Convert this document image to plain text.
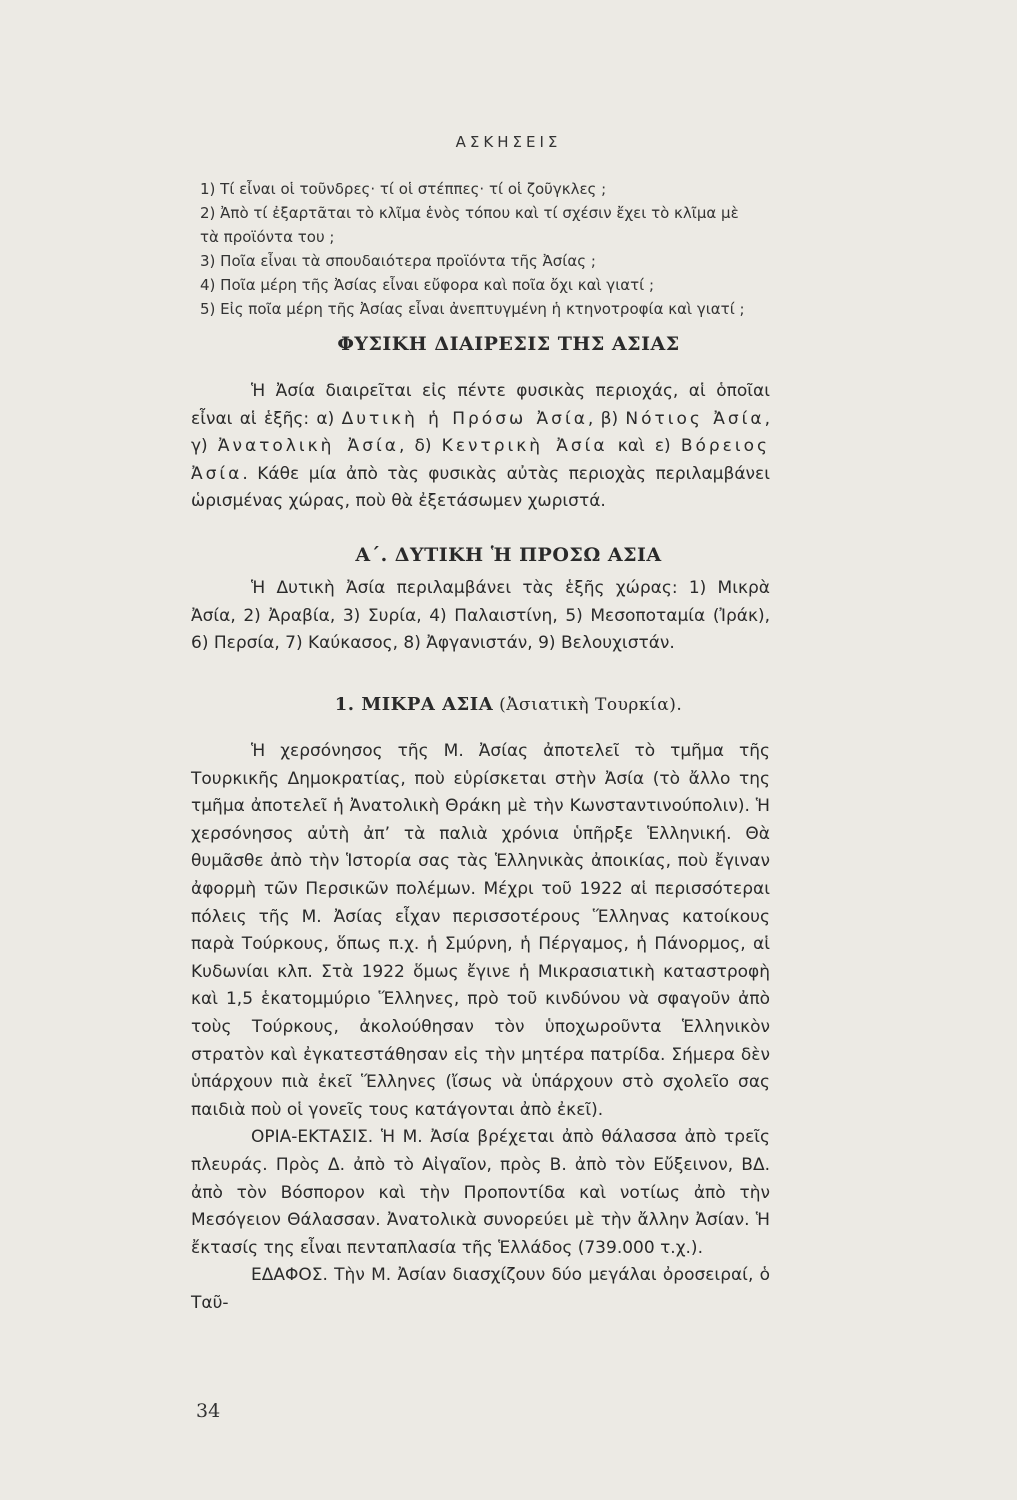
ΑΣΚΗΣΕΙΣ
1) Τί εἶναι οἱ τοῦνδρες· τί οἱ στέππες· τί οἱ ζοῦγκλες ;
2) Ἀπὸ τί ἐξαρτᾶται τὸ κλῖμα ἑνὸς τόπου καὶ τί σχέσιν ἔχει τὸ κλῖμα μὲ τὰ προϊόντα του ;
3) Ποῖα εἶναι τὰ σπουδαιότερα προϊόντα τῆς Ἀσίας ;
4) Ποῖα μέρη τῆς Ἀσίας εἶναι εὔφορα καὶ ποῖα ὄχι καὶ γιατί ;
5) Εἰς ποῖα μέρη τῆς Ἀσίας εἶναι ἀνεπτυγμένη ἡ κτηνοτροφία καὶ γιατί ;
ΦΥΣΙΚΗ ΔΙΑΙΡΕΣΙΣ ΤΗΣ ΑΣΙΑΣ

Ἡ Ἀσία διαιρεῖται εἰς πέντε φυσικὰς περιοχάς, αἱ ὁποῖαι εἶναι αἱ ἑξῆς: α) Δυτικὴ ἡ Πρόσω Ἀσία, β) Νότιος Ἀσία, γ) Ἀνατολικὴ Ἀσία, δ) Κεντρικὴ Ἀσία καὶ ε) Βόρειος Ἀσία. Κάθε μία ἀπὸ τὰς φυσικὰς αὐτὰς περιοχὰς περιλαμβάνει ὡρισμένας χώρας, ποὺ θὰ ἐξετάσωμεν χωριστά.

Α΄. ΔΥΤΙΚΗ Ἡ ΠΡΟΣΩ ΑΣΙΑ

Ἡ Δυτικὴ Ἀσία περιλαμβάνει τὰς ἑξῆς χώρας: 1) Μικρὰ Ἀσία, 2) Ἀραβία, 3) Συρία, 4) Παλαιστίνη, 5) Μεσοποταμία (Ἰράκ), 6) Περσία, 7) Καύκασος, 8) Ἀφγανιστάν, 9) Βελουχιστάν.

1. ΜΙΚΡΑ ΑΣΙΑ (Ἀσιατικὴ Τουρκία).

Ἡ χερσόνησος τῆς Μ. Ἀσίας ἀποτελεῖ τὸ τμῆμα τῆς Τουρκικῆς Δημοκρατίας, ποὺ εὑρίσκεται στὴν Ἀσία (τὸ ἄλλο της τμῆμα ἀποτελεῖ ἡ Ἀνατολικὴ Θράκη μὲ τὴν Κωνσταντινούπολιν). Ἡ χερσόνησος αὐτὴ ἀπ’ τὰ παλιὰ χρόνια ὑπῆρξε Ἑλληνική. Θὰ θυμᾶσθε ἀπὸ τὴν Ἱστορία σας τὰς Ἑλληνικὰς ἀποικίας, ποὺ ἔγιναν ἀφορμὴ τῶν Περσικῶν πολέμων. Μέχρι τοῦ 1922 αἱ περισσότεραι πόλεις τῆς Μ. Ἀσίας εἶχαν περισσοτέρους Ἕλληνας κατοίκους παρὰ Τούρκους, ὅπως π.χ. ἡ Σμύρνη, ἡ Πέργαμος, ἡ Πάνορμος, αἱ Κυδωνίαι κλπ. Στὰ 1922 ὅμως ἔγινε ἡ Μικρασιατικὴ καταστροφὴ καὶ 1,5 ἑκατομμύριο Ἕλληνες, πρὸ τοῦ κινδύνου νὰ σφαγοῦν ἀπὸ τοὺς Τούρκους, ἀκολούθησαν τὸν ὑποχωροῦντα Ἑλληνικὸν στρατὸν καὶ ἐγκατεστάθησαν εἰς τὴν μητέρα πατρίδα. Σήμερα δὲν ὑπάρχουν πιὰ ἐκεῖ Ἕλληνες (ἴσως νὰ ὑπάρχουν στὸ σχολεῖο σας παιδιὰ ποὺ οἱ γονεῖς τους κατάγονται ἀπὸ ἐκεῖ).

ΟΡΙΑ-ΕΚΤΑΣΙΣ. Ἡ Μ. Ἀσία βρέχεται ἀπὸ θάλασσα ἀπὸ τρεῖς πλευράς. Πρὸς Δ. ἀπὸ τὸ Αἰγαῖον, πρὸς Β. ἀπὸ τὸν Εὔξεινον, ΒΔ. ἀπὸ τὸν Βόσπορον καὶ τὴν Προποντίδα καὶ νοτίως ἀπὸ τὴν Μεσόγειον Θάλασσαν. Ἀνατολικὰ συνορεύει μὲ τὴν ἄλλην Ἀσίαν. Ἡ ἔκτασίς της εἶναι πενταπλασία τῆς Ἑλλάδος (739.000 τ.χ.).

ΕΔΑΦΟΣ. Τὴν Μ. Ἀσίαν διασχίζουν δύο μεγάλαι ὀροσειραί, ὁ Ταῦ-

34
